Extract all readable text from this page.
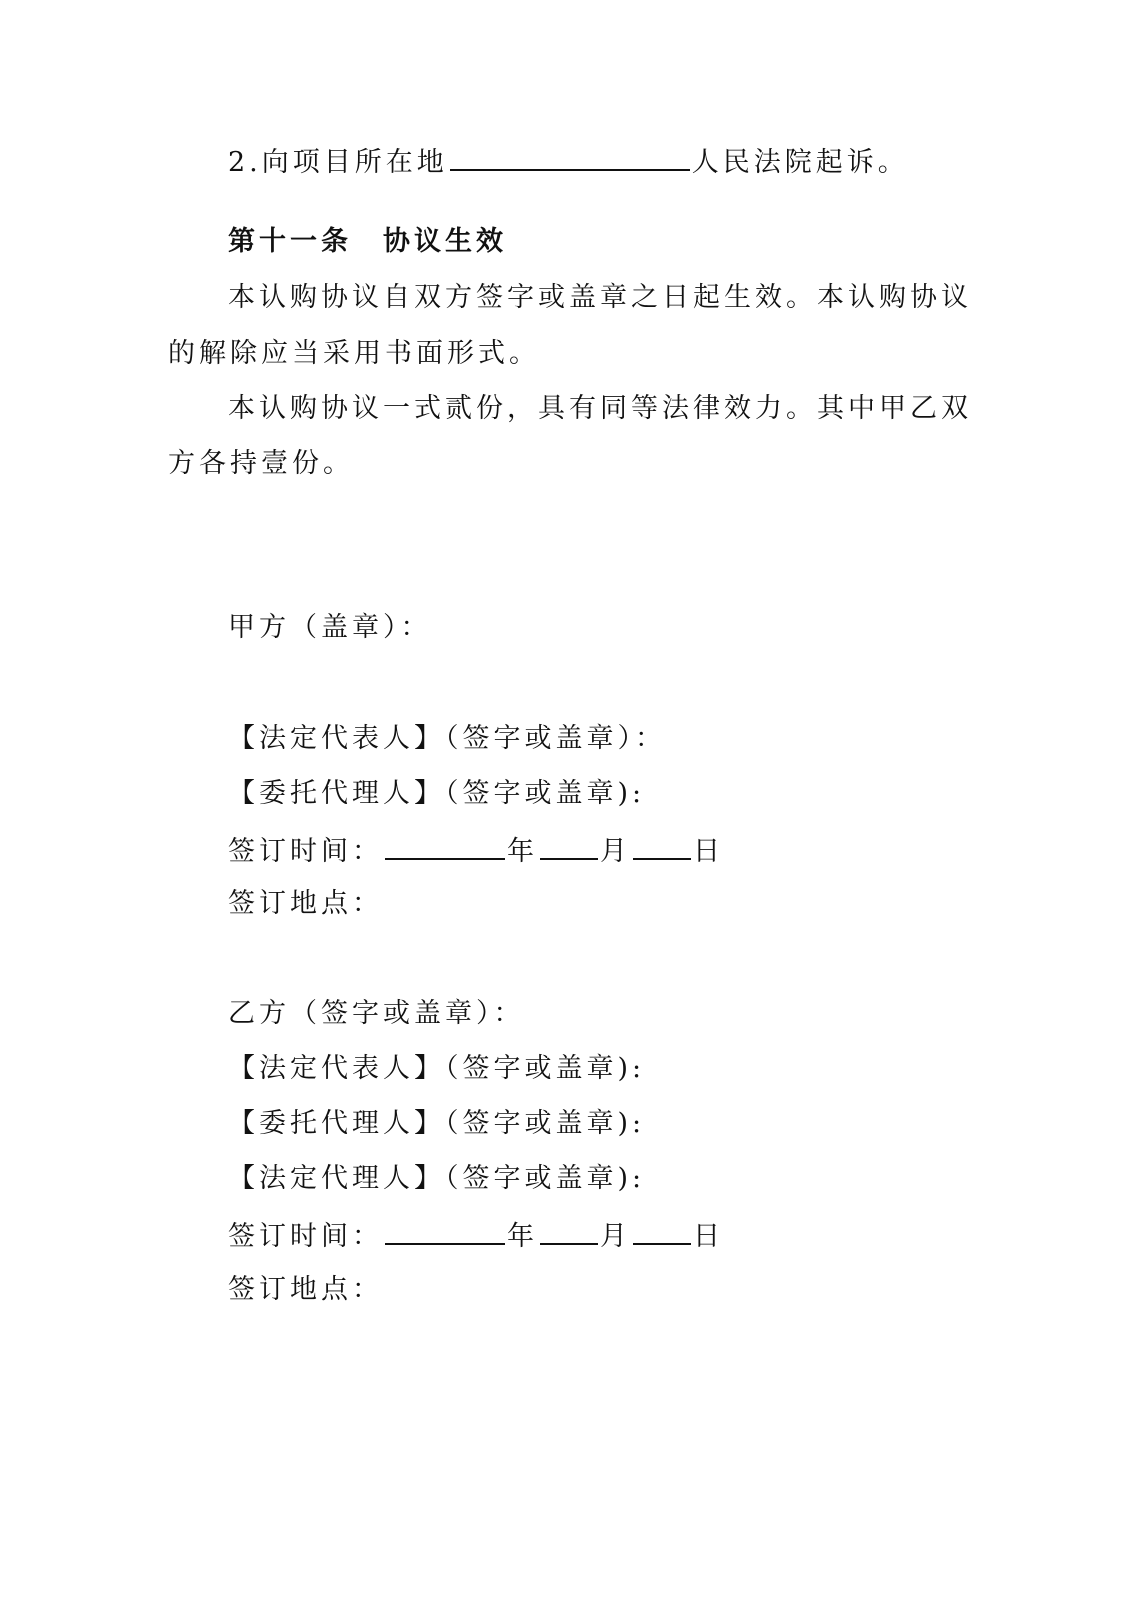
2.向项目所在地	人民法院起诉。
第十一条　协议生效
本认购协议自双方签字或盖章之日起生效。本认购协议
的解除应当采用书面形式。
本认购协议一式贰份，具有同等法律效力。其中甲乙双
方各持壹份。
甲方（盖章）：
【法定代表人】（签字或盖章）：
【委托代理人】（签字或盖章):
签订时间：	年 月 日
签订地点：
乙方（签字或盖章）：
【法定代表人】（签字或盖章):
【委托代理人】（签字或盖章):
【法定代理人】（签字或盖章):
签订时间：	年 月 日
签订地点：
